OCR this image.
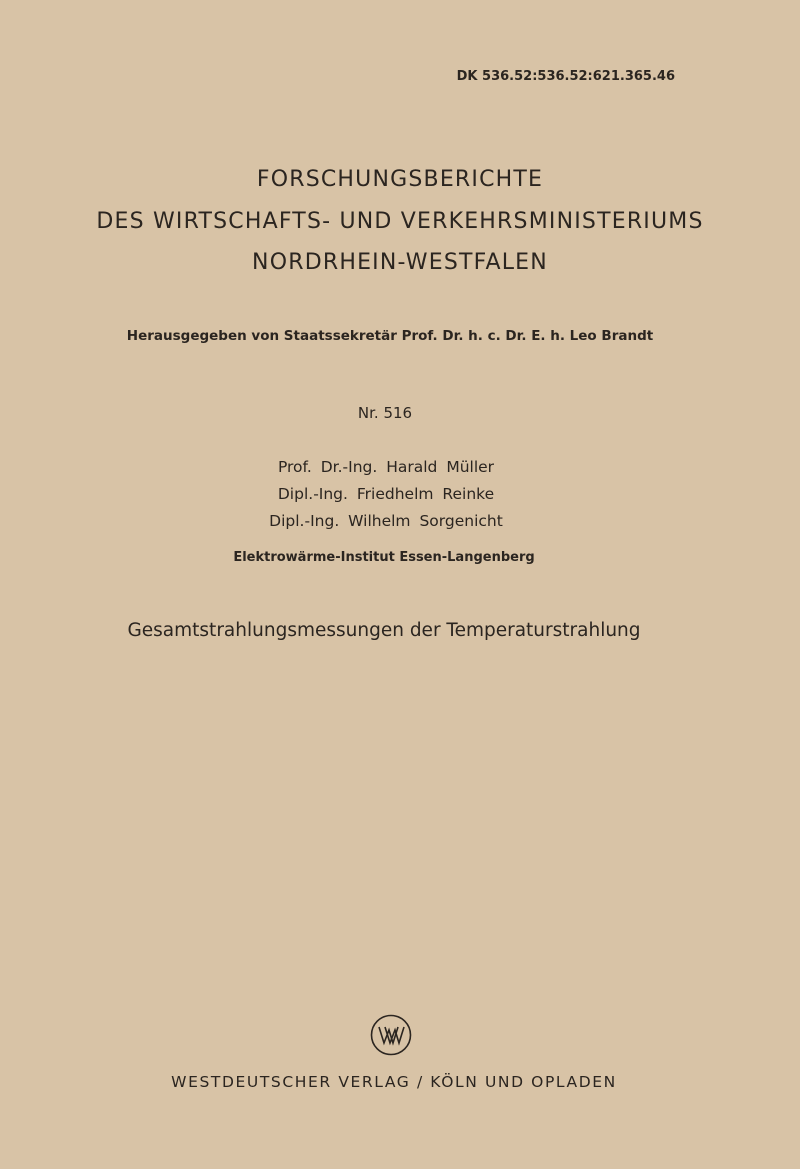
DK 536.52:536.52:621.365.46
FORSCHUNGSBERICHTE
DES WIRTSCHAFTS- UND VERKEHRSMINISTERIUMS
NORDRHEIN-WESTFALEN
Herausgegeben von Staatssekretär Prof. Dr. h. c. Dr. E. h. Leo Brandt
Nr. 516
Prof. Dr.-Ing. Harald Müller
Dipl.-Ing. Friedhelm Reinke
Dipl.-Ing. Wilhelm Sorgenicht
Elektrowärme-Institut Essen-Langenberg
Gesamtstrahlungsmessungen der Temperaturstrahlung
WESTDEUTSCHER VERLAG / KÖLN UND OPLADEN
